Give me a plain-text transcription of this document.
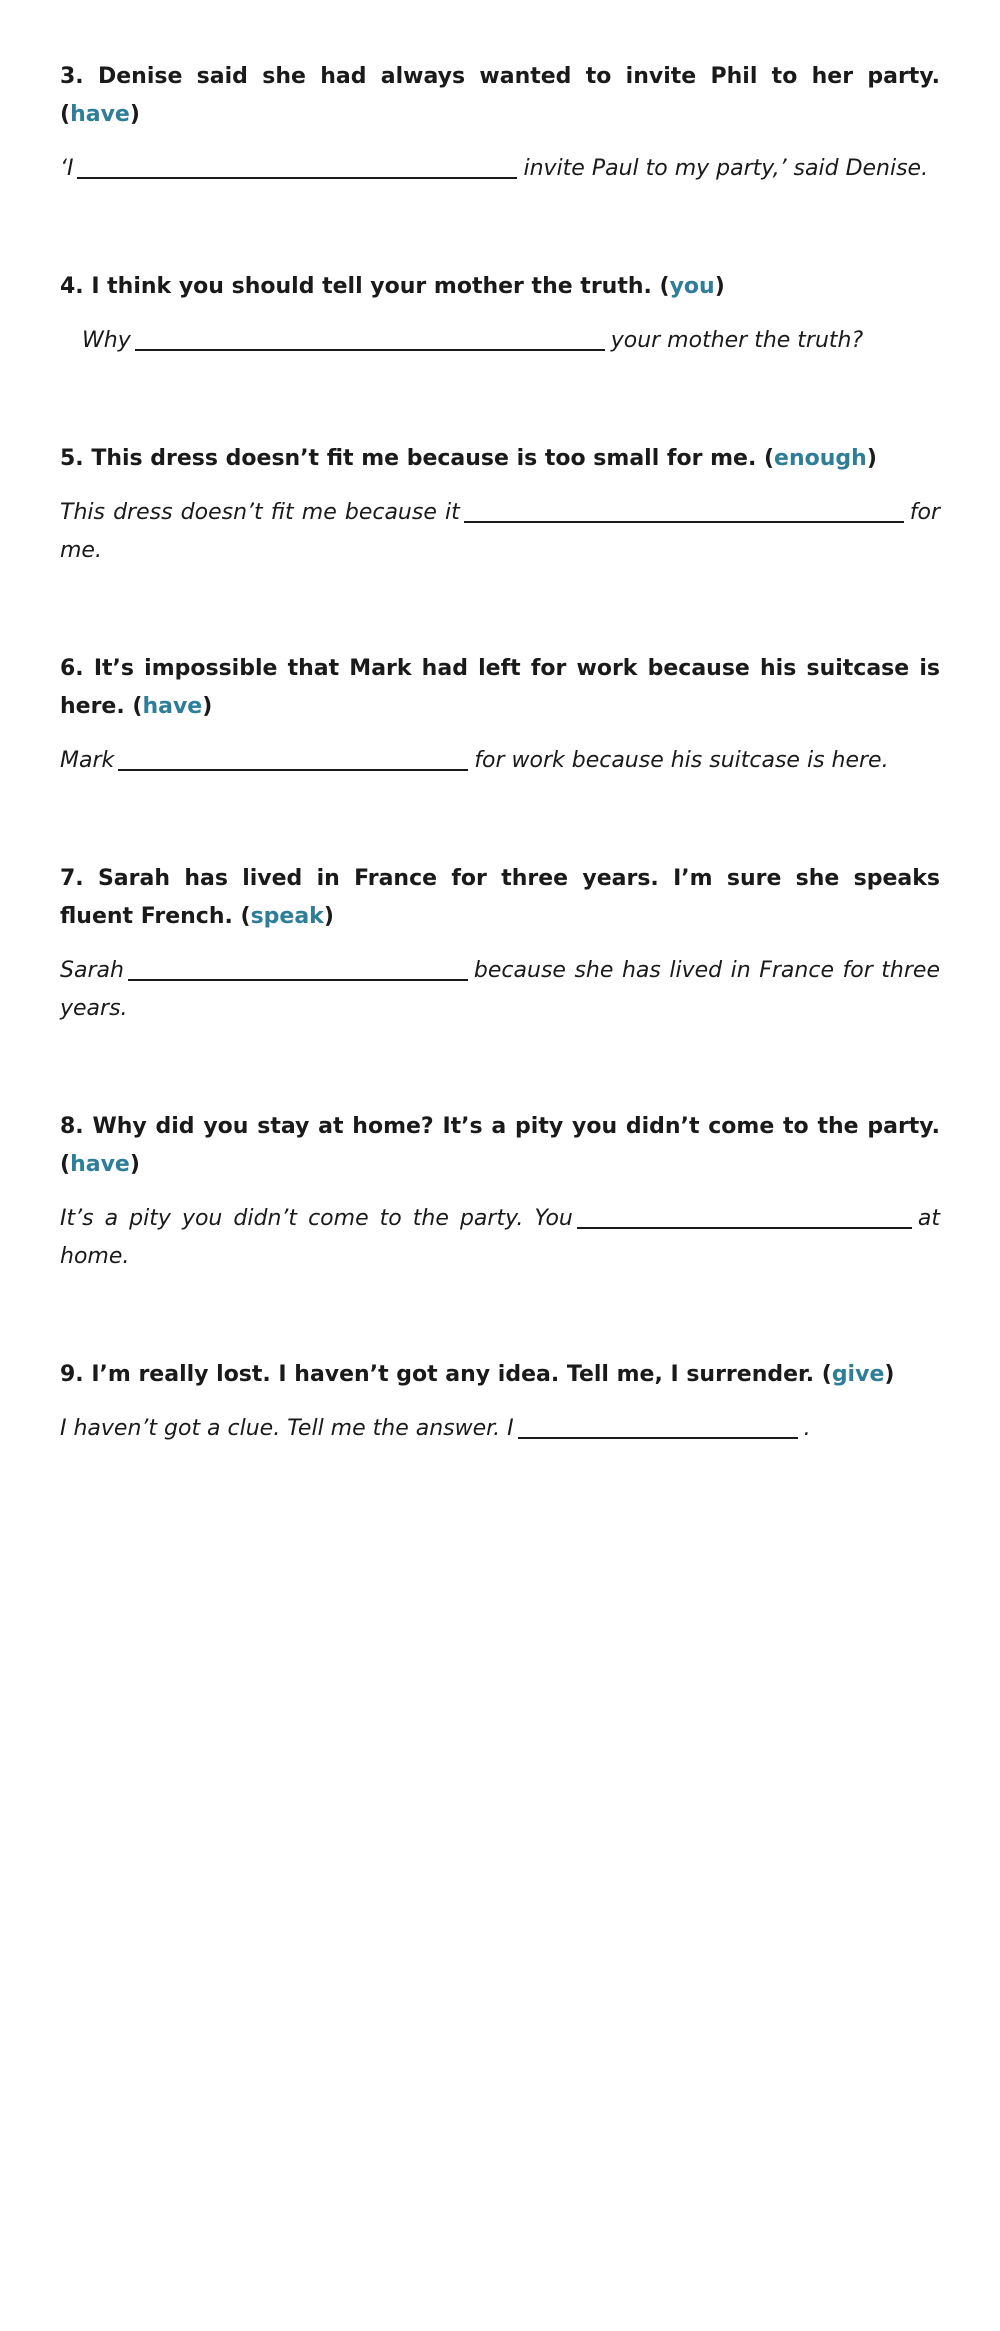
3. Denise said she had always wanted to invite Phil to her party. (have)

‘I	invite Paul to my party,’ said Denise.

4. I think you should tell your mother the truth. (you)

Why	your mother the truth?

5. This dress doesn’t fit me because is too small for me. (enough)

This dress doesn’t fit me because it	for me.

6. It’s impossible that Mark had left for work because his suitcase is here. (have)

Mark	for work because his suitcase is here.

7. Sarah has lived in France for three years. I’m sure she speaks fluent French. (speak)

Sarah	because she has lived in France for three years.

8. Why did you stay at home? It’s a pity you didn’t come to the party. (have)

It’s a pity you didn’t come to the party. You	at home.

9. I’m really lost. I haven’t got any idea. Tell me, I surrender. (give)

I haven’t got a clue. Tell me the answer. I	.
